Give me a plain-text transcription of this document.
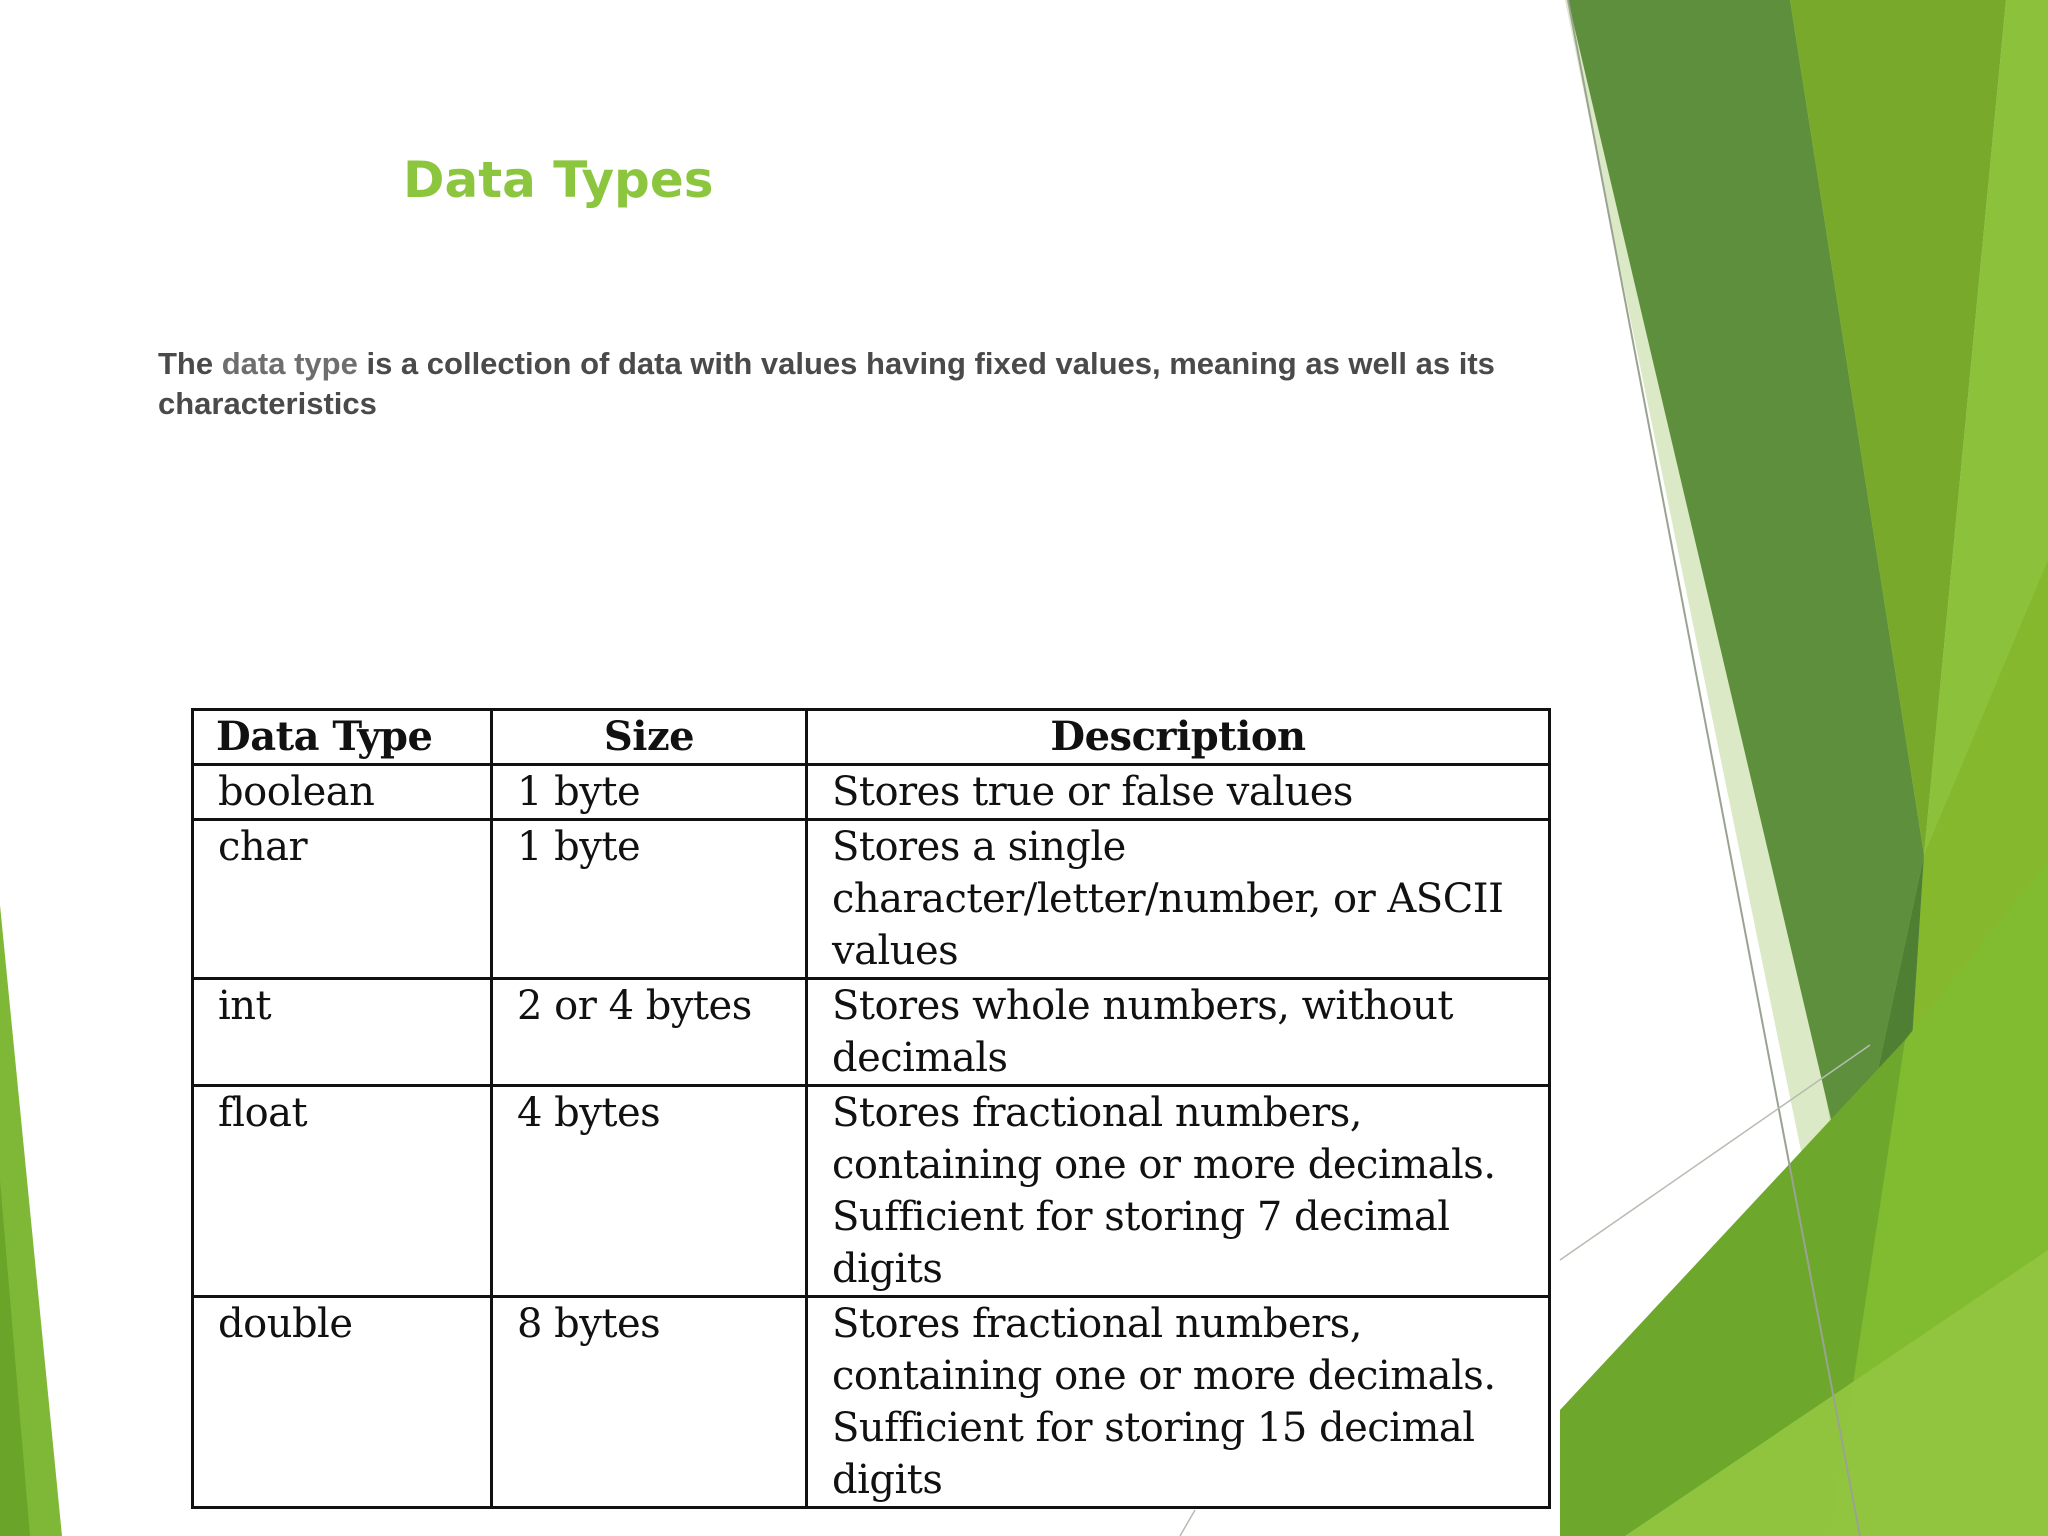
Data Types

The data type is a collection of data with values having fixed values, meaning as well as its characteristics

Data Type	Size	Description
boolean	1 byte	Stores true or false values
char	1 byte	Stores a single character/letter/number, or ASCII values
int	2 or 4 bytes	Stores whole numbers, without decimals
float	4 bytes	Stores fractional numbers, containing one or more decimals. Sufficient for storing 7 decimal digits
double	8 bytes	Stores fractional numbers, containing one or more decimals. Sufficient for storing 15 decimal digits
